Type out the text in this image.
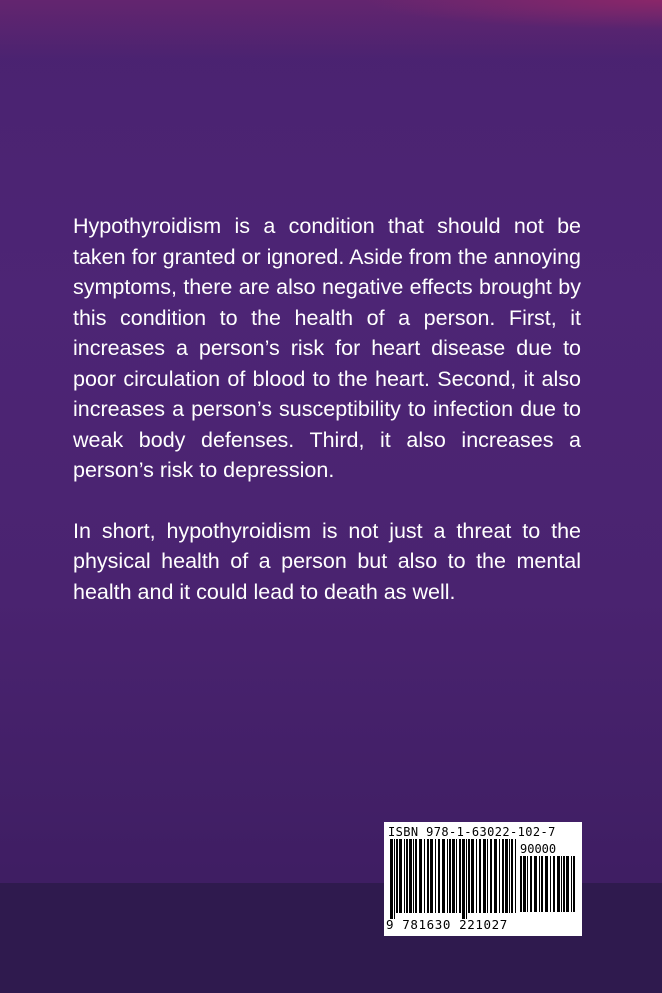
Hypothyroidism is a condition that should not be taken for granted or ignored. Aside from the annoying symptoms, there are also negative effects brought by this condition to the health of a person. First, it increases a person’s risk for heart disease due to poor circulation of blood to the heart. Second, it also increases a person’s susceptibility to infection due to weak body defenses. Third, it also increases a person’s risk to depression.

In short, hypothyroidism is not just a threat to the physical health of a person but also to the mental health and it could lead to death as well.

ISBN 978-1-63022-102-7
90000
9 781630 221027
